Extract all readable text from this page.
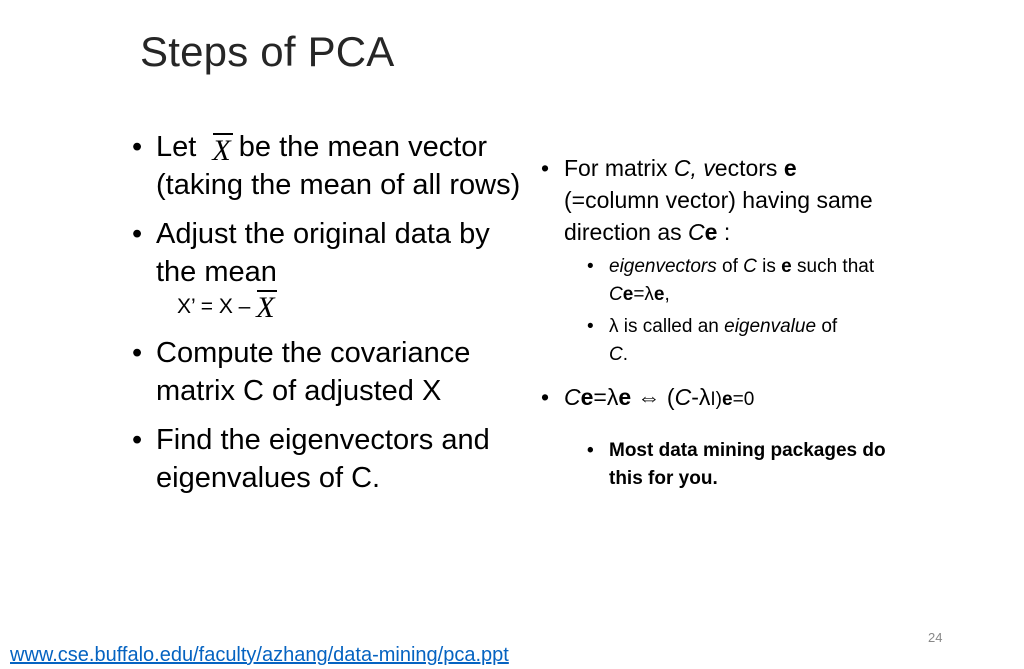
Steps of PCA
• Let X be the mean vector (taking the mean of all rows)
• Adjust the original data by the mean
X’ = X – X
• Compute the covariance matrix C of adjusted X
• Find the eigenvectors and eigenvalues of C.
• For matrix C, vectors e
(=column vector) having same direction as Ce :
• eigenvectors of C is e such that Ce=λe,
• λ is called an eigenvalue of
C.
• Ce=λe ⇔ (C-λI)e=0
• Most data mining packages do this for you.
www.cse.buffalo.edu/faculty/azhang/data-mining/pca.ppt
24
